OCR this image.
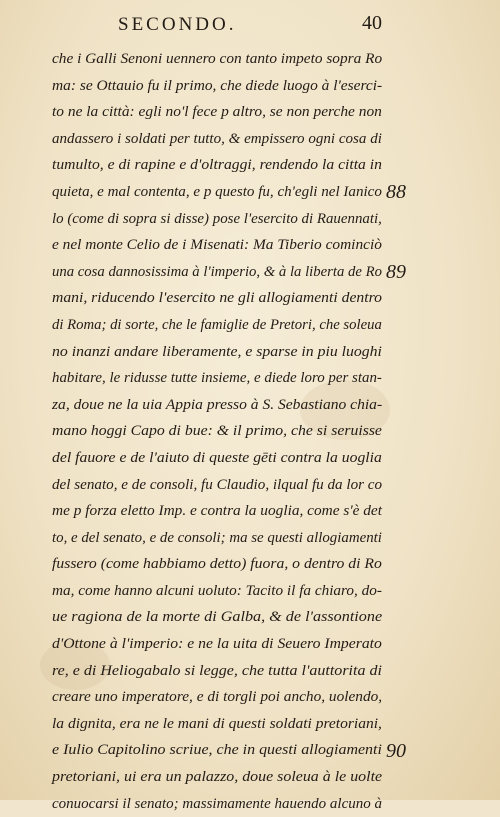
SECONDO.	40
che i Galli Senoni uennero con tanto impeto sopra Ro
ma: se Ottauio fu il primo, che diede luogo à l'eserci-
to ne la città: egli no'l fece p altro, se non perche non
andassero i soldati per tutto, & empissero ogni cosa di
tumulto, e di rapine e d'oltraggi, rendendo la citta in
quieta, e mal contenta, e p questo fu, ch'egli nel Ianico
lo (come di sopra si disse) pose l'esercito di Rauennati,
e nel monte Celio de i Misenati: Ma Tiberio cominciò
una cosa dannosissima à l'imperio, & à la liberta de Ro
mani, riducendo l'esercito ne gli allogiamenti dentro
di Roma; di sorte, che le famiglie de Pretori, che soleua
no inanzi andare liberamente, e sparse in piu luoghi
habitare, le ridusse tutte insieme, e diede loro per stan-
za, doue ne la uia Appia presso à S. Sebastiano chia-
mano hoggi Capo di bue: & il primo, che si seruisse
del fauore e de l'aiuto di queste gēti contra la uoglia
del senato, e de consoli, fu Claudio, ilqual fu da lor co
me p forza eletto Imp. e contra la uoglia, come s'è det
to, e del senato, e de consoli; ma se questi allogiamenti
fussero (come habbiamo detto) fuora, o dentro di Ro
ma, come hanno alcuni uoluto: Tacito il fa chiaro, do-
ue ragiona de la morte di Galba, & de l'assontione
d'Ottone à l'imperio: e ne la uita di Seuero Imperato
re, e di Heliogabalo si legge, che tutta l'auttorita di
creare uno imperatore, e di torgli poi ancho, uolendo,
la dignita, era ne le mani di questi soldati pretoriani,
e Iulio Capitolino scriue, che in questi allogiamenti
pretoriani, ui era un palazzo, doue soleua à le uolte
conuocarsi il senato; massimamente hauendo alcuno à
88
89
90
